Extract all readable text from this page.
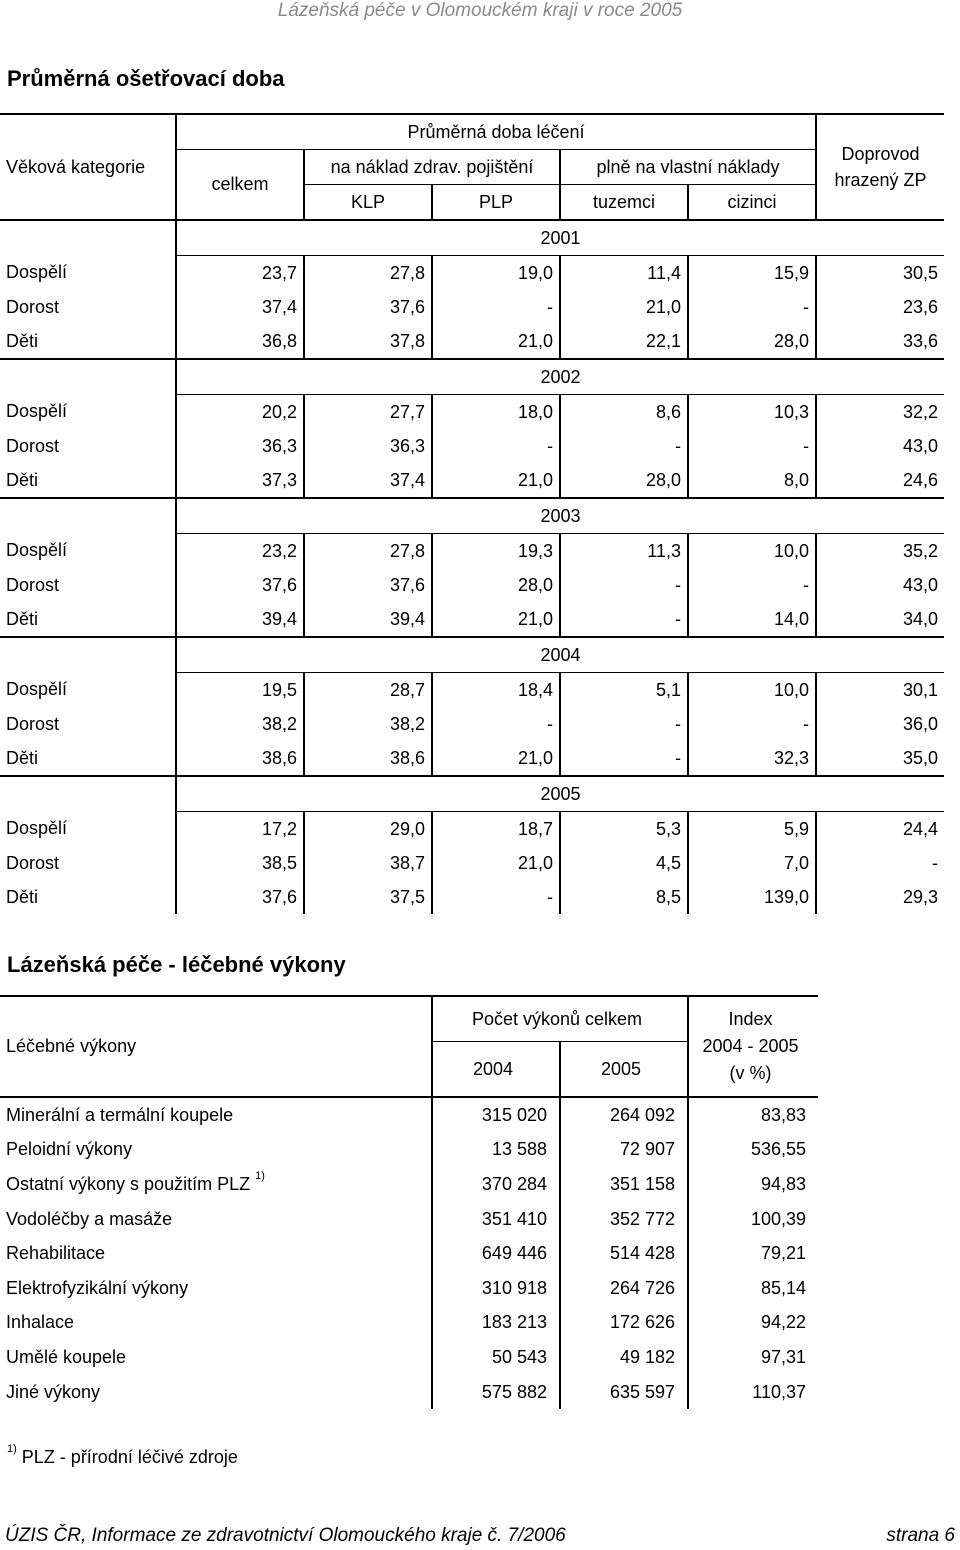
Lázeňská péče v Olomouckém kraji v roce 2005
Průměrná ošetřovací doba
Věková kategorie	Průměrná doba léčení					Doprovod
hrazený ZP
	celkem	na náklad zdrav. pojištění		plně na vlastní náklady		
		KLP	PLP	tuzemci	cizinci	
	2001					
Dospělí	23,7	27,8	19,0	11,4	15,9	30,5
Dorost	37,4	37,6	-	21,0	-	23,6
Děti	36,8	37,8	21,0	22,1	28,0	33,6
	2002					
Dospělí	20,2	27,7	18,0	8,6	10,3	32,2
Dorost	36,3	36,3	-	-	-	43,0
Děti	37,3	37,4	21,0	28,0	8,0	24,6
	2003					
Dospělí	23,2	27,8	19,3	11,3	10,0	35,2
Dorost	37,6	37,6	28,0	-	-	43,0
Děti	39,4	39,4	21,0	-	14,0	34,0
	2004					
Dospělí	19,5	28,7	18,4	5,1	10,0	30,1
Dorost	38,2	38,2	-	-	-	36,0
Děti	38,6	38,6	21,0	-	32,3	35,0
	2005					
Dospělí	17,2	29,0	18,7	5,3	5,9	24,4
Dorost	38,5	38,7	21,0	4,5	7,0	-
Děti	37,6	37,5	-	8,5	139,0	29,3
Lázeňská péče - léčebné výkony
Léčebné výkony	Počet výkonů celkem		Index
2004 - 2005
(v %)
	2004	2005	
Minerální a termální koupele	315 020	264 092	83,83
Peloidní výkony	13 588	72 907	536,55
Ostatní výkony s použitím PLZ $^{1)}$	370 284	351 158	94,83
Vodoléčby a masáže	351 410	352 772	100,39
Rehabilitace	649 446	514 428	79,21
Elektrofyzikální výkony	310 918	264 726	85,14
Inhalace	183 213	172 626	94,22
Umělé koupele	50 543	49 182	97,31
Jiné výkony	575 882	635 597	110,37
$^{1)}$ PLZ - přírodní léčivé zdroje
ÚZIS ČR, Informace ze zdravotnictví Olomouckého kraje č. 7/2006	strana 6
